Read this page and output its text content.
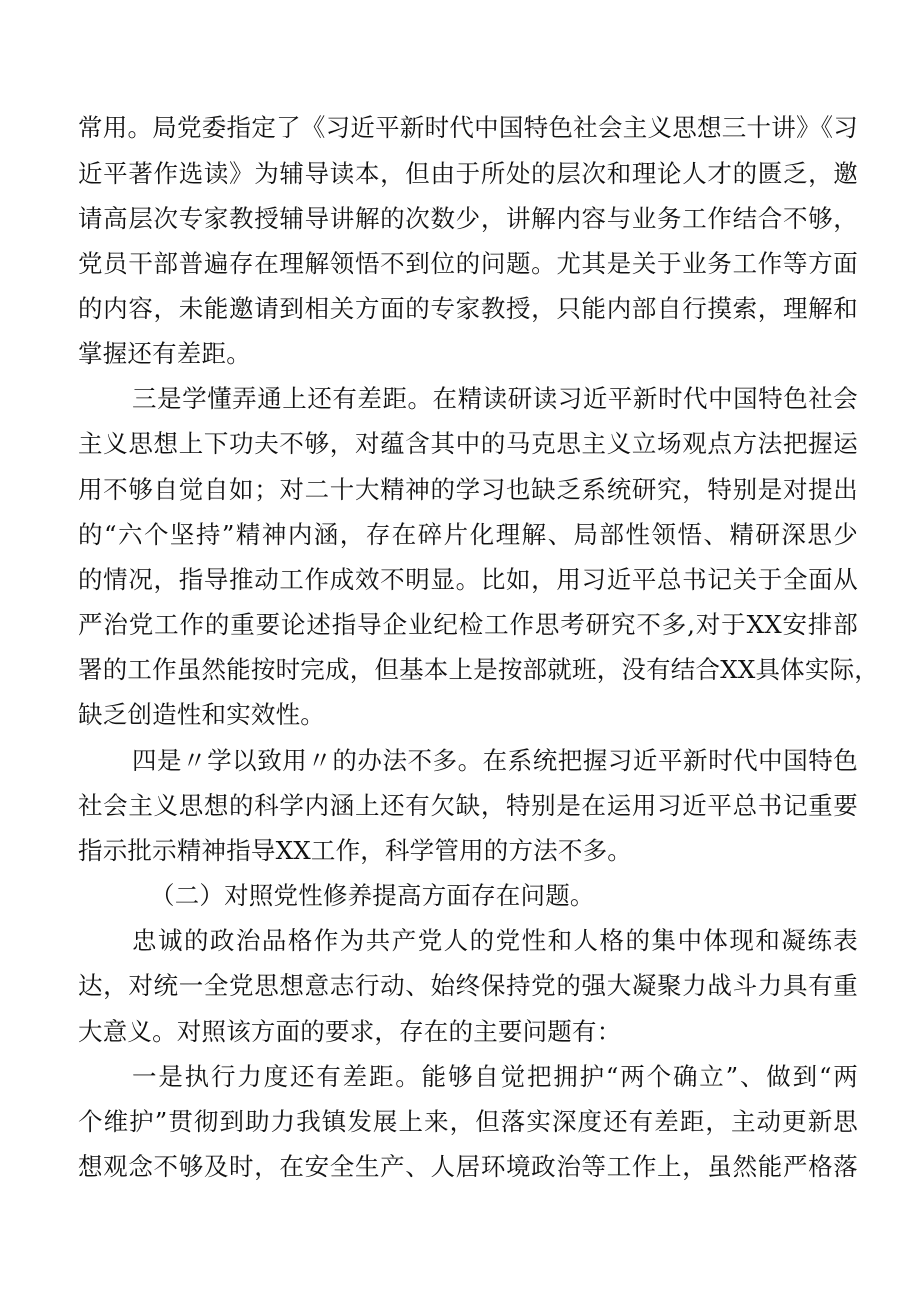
常用。局党委指定了《习近平新时代中国特色社会主义思想三十讲》《习
近平著作选读》为辅导读本，但由于所处的层次和理论人才的匮乏，邀
请高层次专家教授辅导讲解的次数少，讲解内容与业务工作结合不够，
党员干部普遍存在理解领悟不到位的问题。尤其是关于业务工作等方面
的内容，未能邀请到相关方面的专家教授，只能内部自行摸索，理解和
掌握还有差距。
三是学懂弄通上还有差距。在精读研读习近平新时代中国特色社会
主义思想上下功夫不够，对蕴含其中的马克思主义立场观点方法把握运
用不够自觉自如；对二十大精神的学习也缺乏系统研究，特别是对提出
的“六个坚持”精神内涵，存在碎片化理解、局部性领悟、精研深思少
的情况，指导推动工作成效不明显。比如，用习近平总书记关于全面从
严治党工作的重要论述指导企业纪检工作思考研究不多,对于XX安排部
署的工作虽然能按时完成，但基本上是按部就班，没有结合XX具体实际，
缺乏创造性和实效性。
四是〃学以致用〃的办法不多。在系统把握习近平新时代中国特色
社会主义思想的科学内涵上还有欠缺，特别是在运用习近平总书记重要
指示批示精神指导XX工作，科学管用的方法不多。
（二）对照党性修养提高方面存在问题。
忠诚的政治品格作为共产党人的党性和人格的集中体现和凝练表
达，对统一全党思想意志行动、始终保持党的强大凝聚力战斗力具有重
大意义。对照该方面的要求，存在的主要问题有：
一是执行力度还有差距。能够自觉把拥护“两个确立”、做到“两
个维护”贯彻到助力我镇发展上来，但落实深度还有差距，主动更新思
想观念不够及时，在安全生产、人居环境政治等工作上，虽然能严格落
